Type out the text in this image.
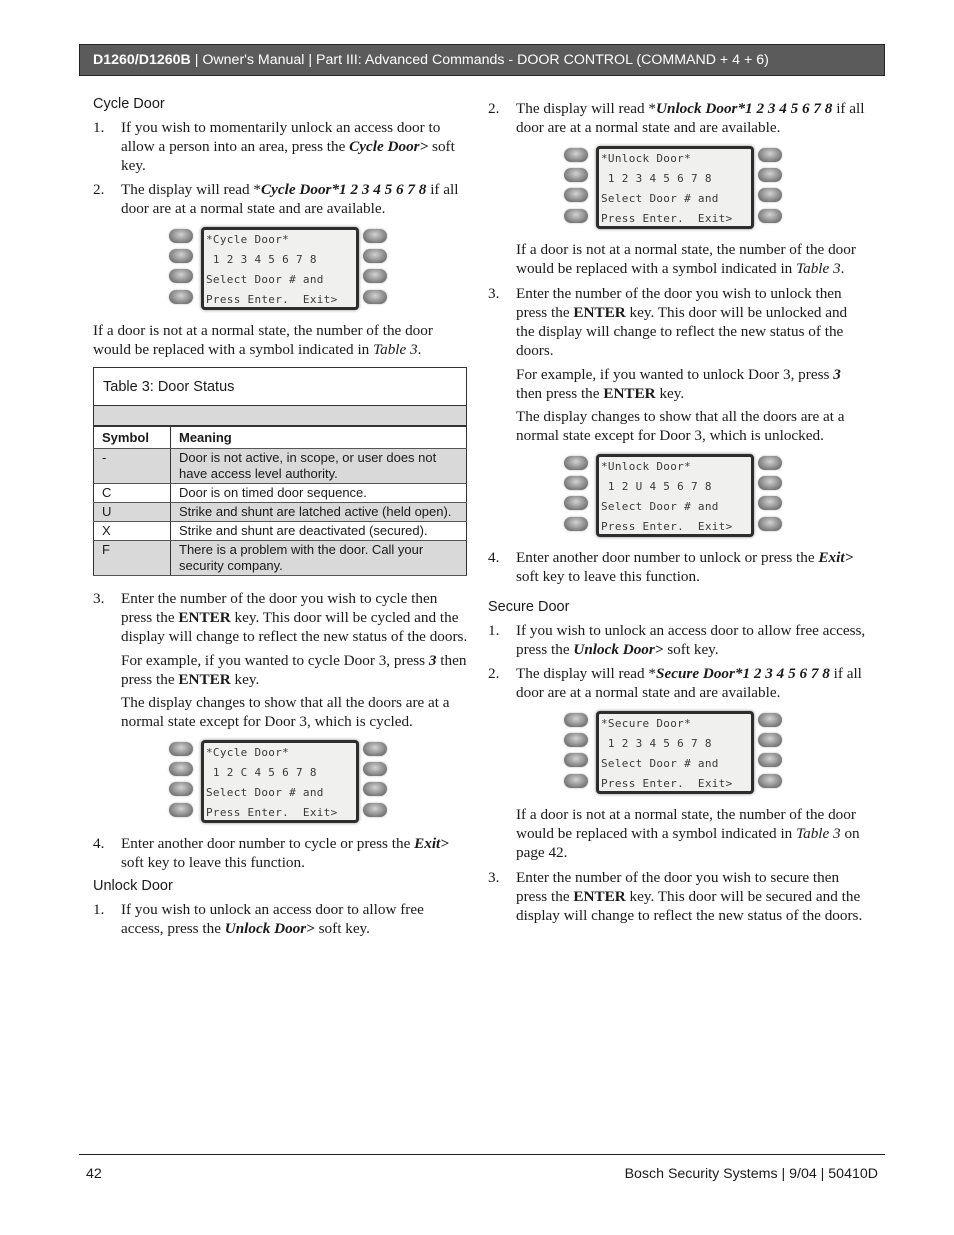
D1260/D1260B | Owner's Manual | Part III: Advanced Commands - DOOR CONTROL (COMMAND + 4 + 6)
Cycle Door
1. If you wish to momentarily unlock an access door to allow a person into an area, press the Cycle Door> soft key.
2. The display will read *Cycle Door*1 2 3 4 5 6 7 8 if all door are at a normal state and are available.
*Cycle Door*
1 2 3 4 5 6 7 8
Select Door # and
Press Enter.  Exit>
If a door is not at a normal state, the number of the door would be replaced with a symbol indicated in Table 3.
Table 3: Door Status
Symbol	Meaning
-	Door is not active, in scope, or user does not have access level authority.
C	Door is on timed door sequence.
U	Strike and shunt are latched active (held open).
X	Strike and shunt are deactivated (secured).
F	There is a problem with the door. Call your security company.
3. Enter the number of the door you wish to cycle then press the ENTER key. This door will be cycled and the display will change to reflect the new status of the doors.
For example, if you wanted to cycle Door 3, press 3 then press the ENTER key.
The display changes to show that all the doors are at a normal state except for Door 3, which is cycled.
*Cycle Door*
1 2 C 4 5 6 7 8
Select Door # and
Press Enter.  Exit>
4. Enter another door number to cycle or press the Exit> soft key to leave this function.
Unlock Door
1. If you wish to unlock an access door to allow free access, press the Unlock Door> soft key.
2. The display will read *Unlock Door*1 2 3 4 5 6 7 8 if all door are at a normal state and are available.
*Unlock Door*
1 2 3 4 5 6 7 8
Select Door # and
Press Enter.  Exit>
If a door is not at a normal state, the number of the door would be replaced with a symbol indicated in Table 3.
3. Enter the number of the door you wish to unlock then press the ENTER key. This door will be unlocked and the display will change to reflect the new status of the doors.
For example, if you wanted to unlock Door 3, press 3 then press the ENTER key.
The display changes to show that all the doors are at a normal state except for Door 3, which is unlocked.
*Unlock Door*
1 2 U 4 5 6 7 8
Select Door # and
Press Enter.  Exit>
4. Enter another door number to unlock or press the Exit> soft key to leave this function.
Secure Door
1. If you wish to unlock an access door to allow free access, press the Unlock Door> soft key.
2. The display will read *Secure Door*1 2 3 4 5 6 7 8 if all door are at a normal state and are available.
*Secure Door*
1 2 3 4 5 6 7 8
Select Door # and
Press Enter.  Exit>
If a door is not at a normal state, the number of the door would be replaced with a symbol indicated in Table 3 on page 42.
3. Enter the number of the door you wish to secure then press the ENTER key. This door will be secured and the display will change to reflect the new status of the doors.
42	Bosch Security Systems | 9/04 | 50410D
